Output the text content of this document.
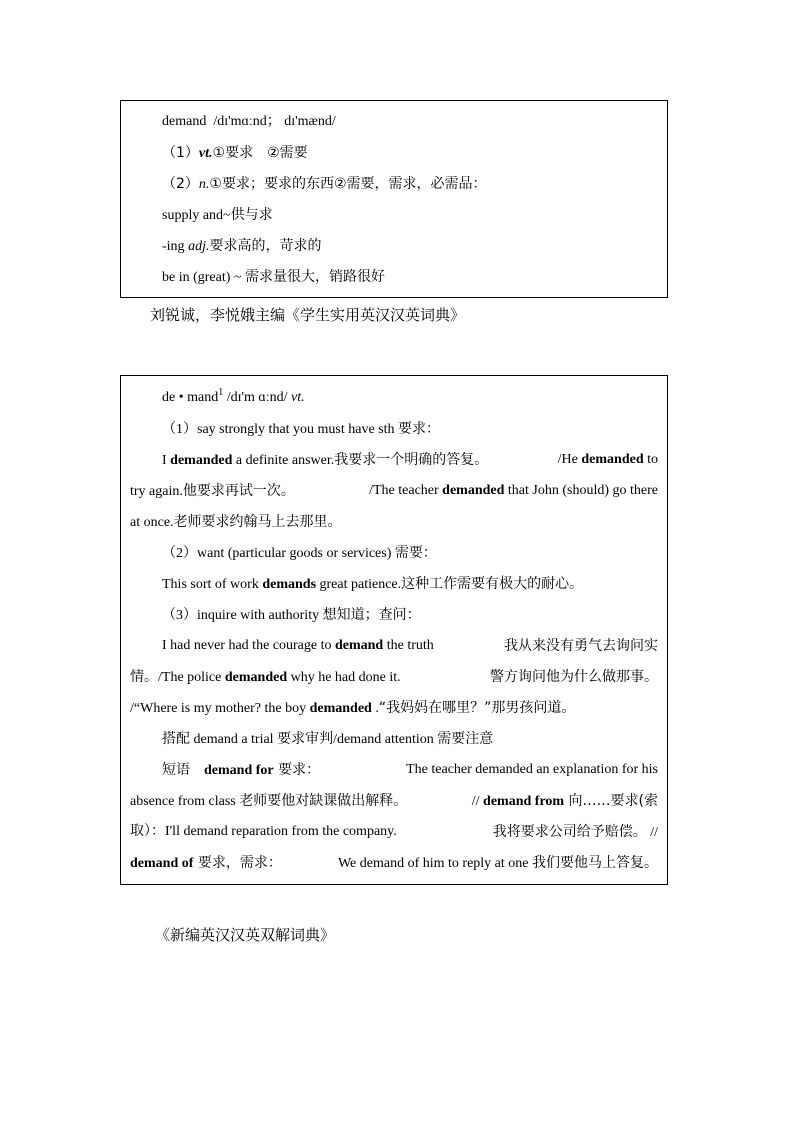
demand /dɪ'mɑːnd； dɪ'mænd/
（1）vt.①要求　②需要
（2）n.①要求；要求的东西②需要，需求，必需品：
supply and~供与求
-ing adj.要求高的，苛求的
be in (great) ~ 需求量很大，销路很好
刘锐诚，李悦娥主编《学生实用英汉汉英词典》
de • mand$^1$ /dɪ'm ɑːnd/ vt.
（1）say strongly that you must have sth 要求：
I demanded a definite answer.我要求一个明确的答复。	/He demanded to
try again.他要求再试一次。	/The teacher demanded that John (should) go there
at once.老师要求约翰马上去那里。
（2）want (particular goods or services) 需要：
This sort of work demands great patience.这种工作需要有极大的耐心。
（3）inquire with authority 想知道；查问：
I had never had the courage to demand the truth	我从来没有勇气去询问实
情。/The police demanded why he had done it.	警方询问他为什么做那事。
/“Where is my mother? the boy demanded .“我妈妈在哪里？”那男孩问道。
搭配 demand a trial 要求审判/demand attention 需要注意
短语 demand for 要求：	The teacher demanded an explanation for his
absence from class 老师要他对缺课做出解释。	// demand from 向……要求(索
取）：I'll demand reparation from the company.	我将要求公司给予赔偿。 //
demand of 要求，需求：	We demand of him to reply at one 我们要他马上答复。
《新编英汉汉英双解词典》
